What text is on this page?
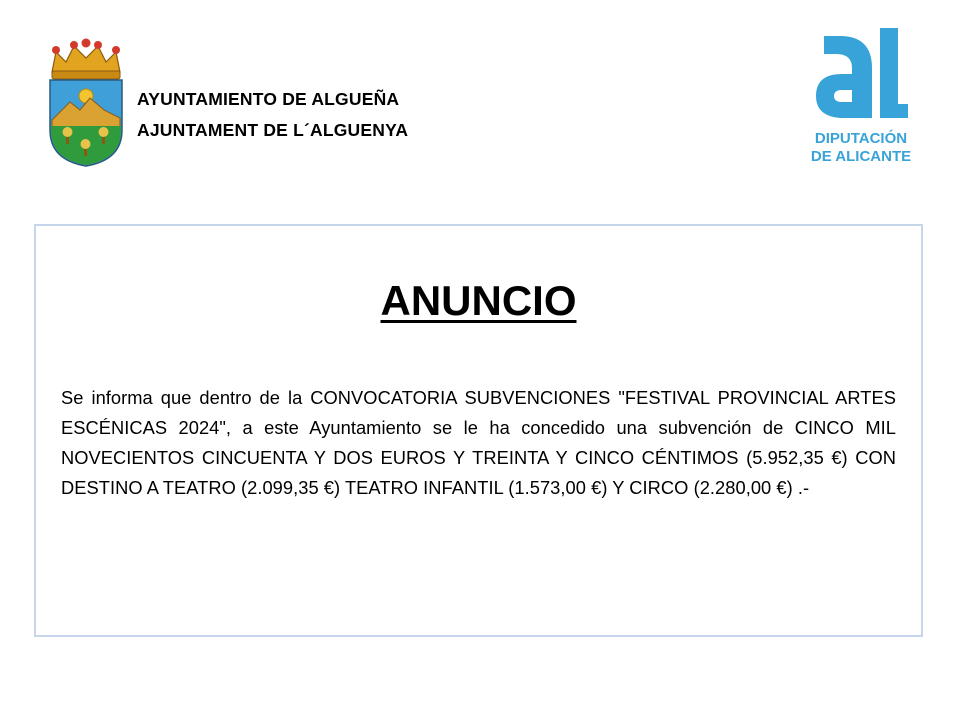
AYUNTAMIENTO DE ALGUEÑA
AJUNTAMENT DE L´ALGUENYA	DIPUTACIÓN
DE ALICANTE
ANUNCIO
Se informa que dentro de la CONVOCATORIA SUBVENCIONES "FESTIVAL PROVINCIAL ARTES ESCÉNICAS 2024", a este Ayuntamiento se le ha concedido una subvención de CINCO MIL NOVECIENTOS CINCUENTA Y DOS EUROS Y TREINTA Y CINCO CÉNTIMOS (5.952,35 €) CON DESTINO A TEATRO (2.099,35 €) TEATRO INFANTIL (1.573,00 €) Y CIRCO (2.280,00 €) .-
